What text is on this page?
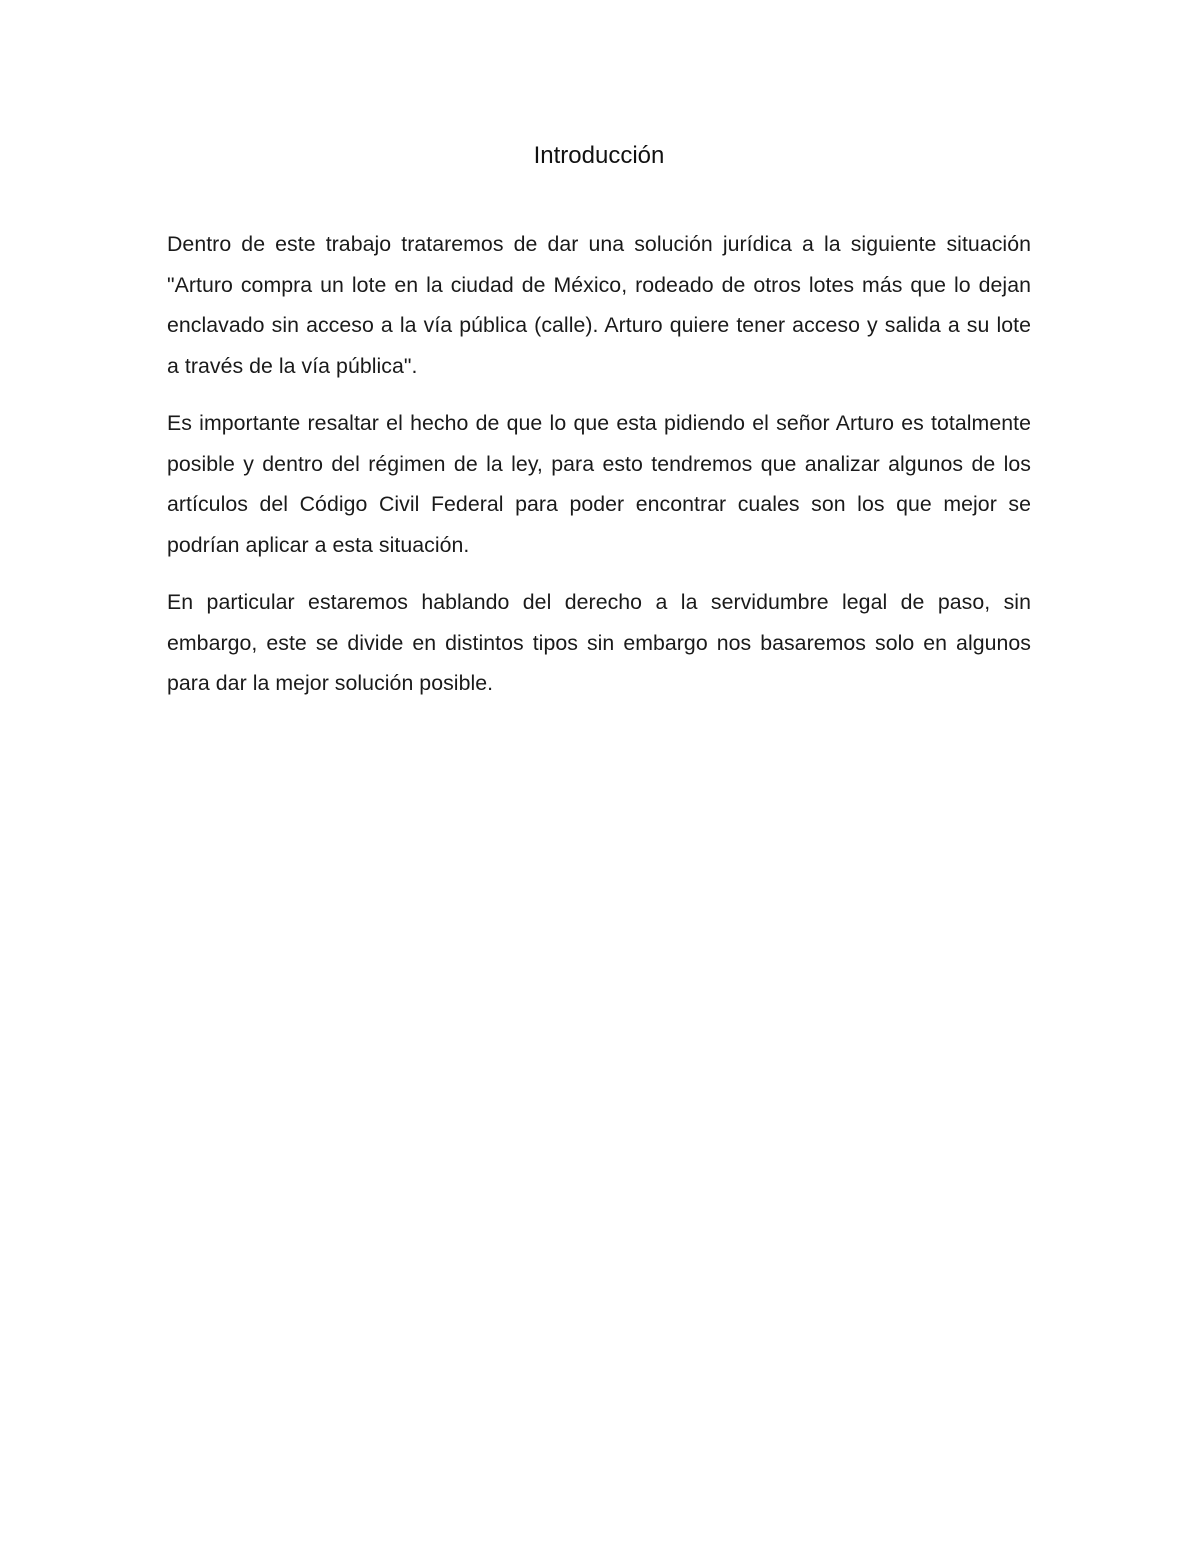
Introducción

Dentro de este trabajo trataremos de dar una solución jurídica a la siguiente situación "Arturo compra un lote en la ciudad de México, rodeado de otros lotes más que lo dejan enclavado sin acceso a la vía pública (calle). Arturo quiere tener acceso y salida a su lote a través de la vía pública".

Es importante resaltar el hecho de que lo que esta pidiendo el señor Arturo es totalmente posible y dentro del régimen de la ley, para esto tendremos que analizar algunos de los artículos del Código Civil Federal para poder encontrar cuales son los que mejor se podrían aplicar a esta situación.

En particular estaremos hablando del derecho a la servidumbre legal de paso, sin embargo, este se divide en distintos tipos sin embargo nos basaremos solo en algunos para dar la mejor solución posible.
